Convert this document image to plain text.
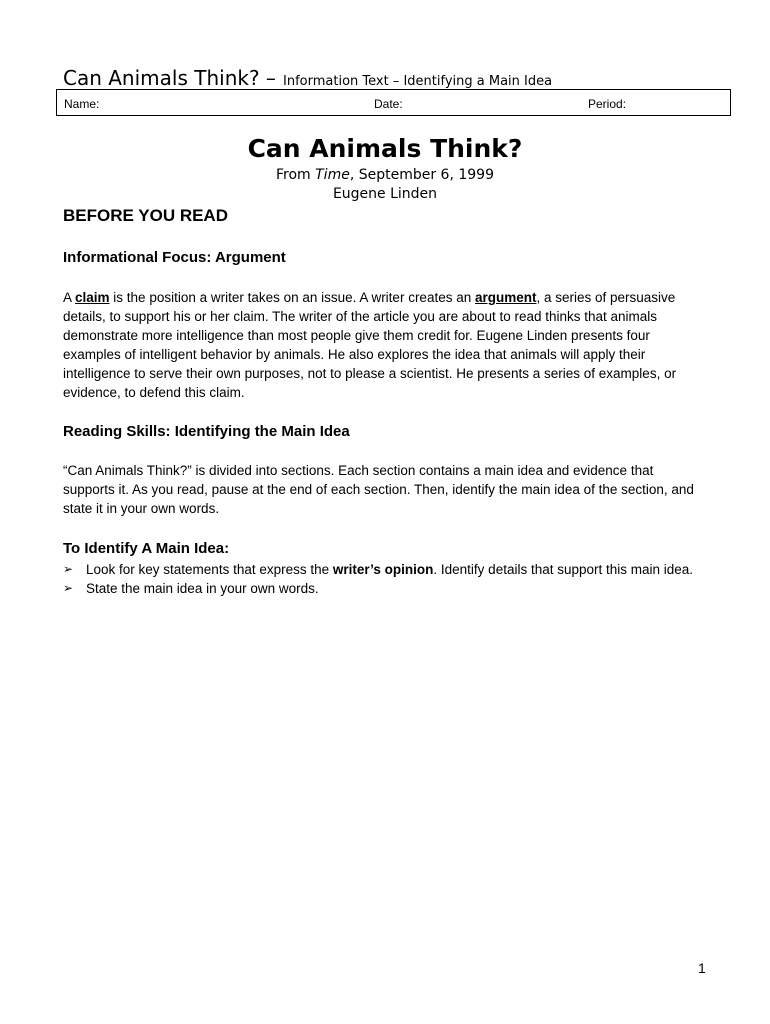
Can Animals Think? – Information Text – Identifying a Main Idea
Name:	Date:	Period:
Can Animals Think?
From Time, September 6, 1999
Eugene Linden
BEFORE YOU READ
Informational Focus: Argument
A claim is the position a writer takes on an issue. A writer creates an argument, a series of persuasive details, to support his or her claim. The writer of the article you are about to read thinks that animals demonstrate more intelligence than most people give them credit for. Eugene Linden presents four examples of intelligent behavior by animals. He also explores the idea that animals will apply their intelligence to serve their own purposes, not to please a scientist. He presents a series of examples, or evidence, to defend this claim.
Reading Skills: Identifying the Main Idea
“Can Animals Think?” is divided into sections. Each section contains a main idea and evidence that supports it. As you read, pause at the end of each section. Then, identify the main idea of the section, and state it in your own words.
To Identify A Main Idea:
➢ Look for key statements that express the writer’s opinion. Identify details that support this main idea.
➢ State the main idea in your own words.
1
